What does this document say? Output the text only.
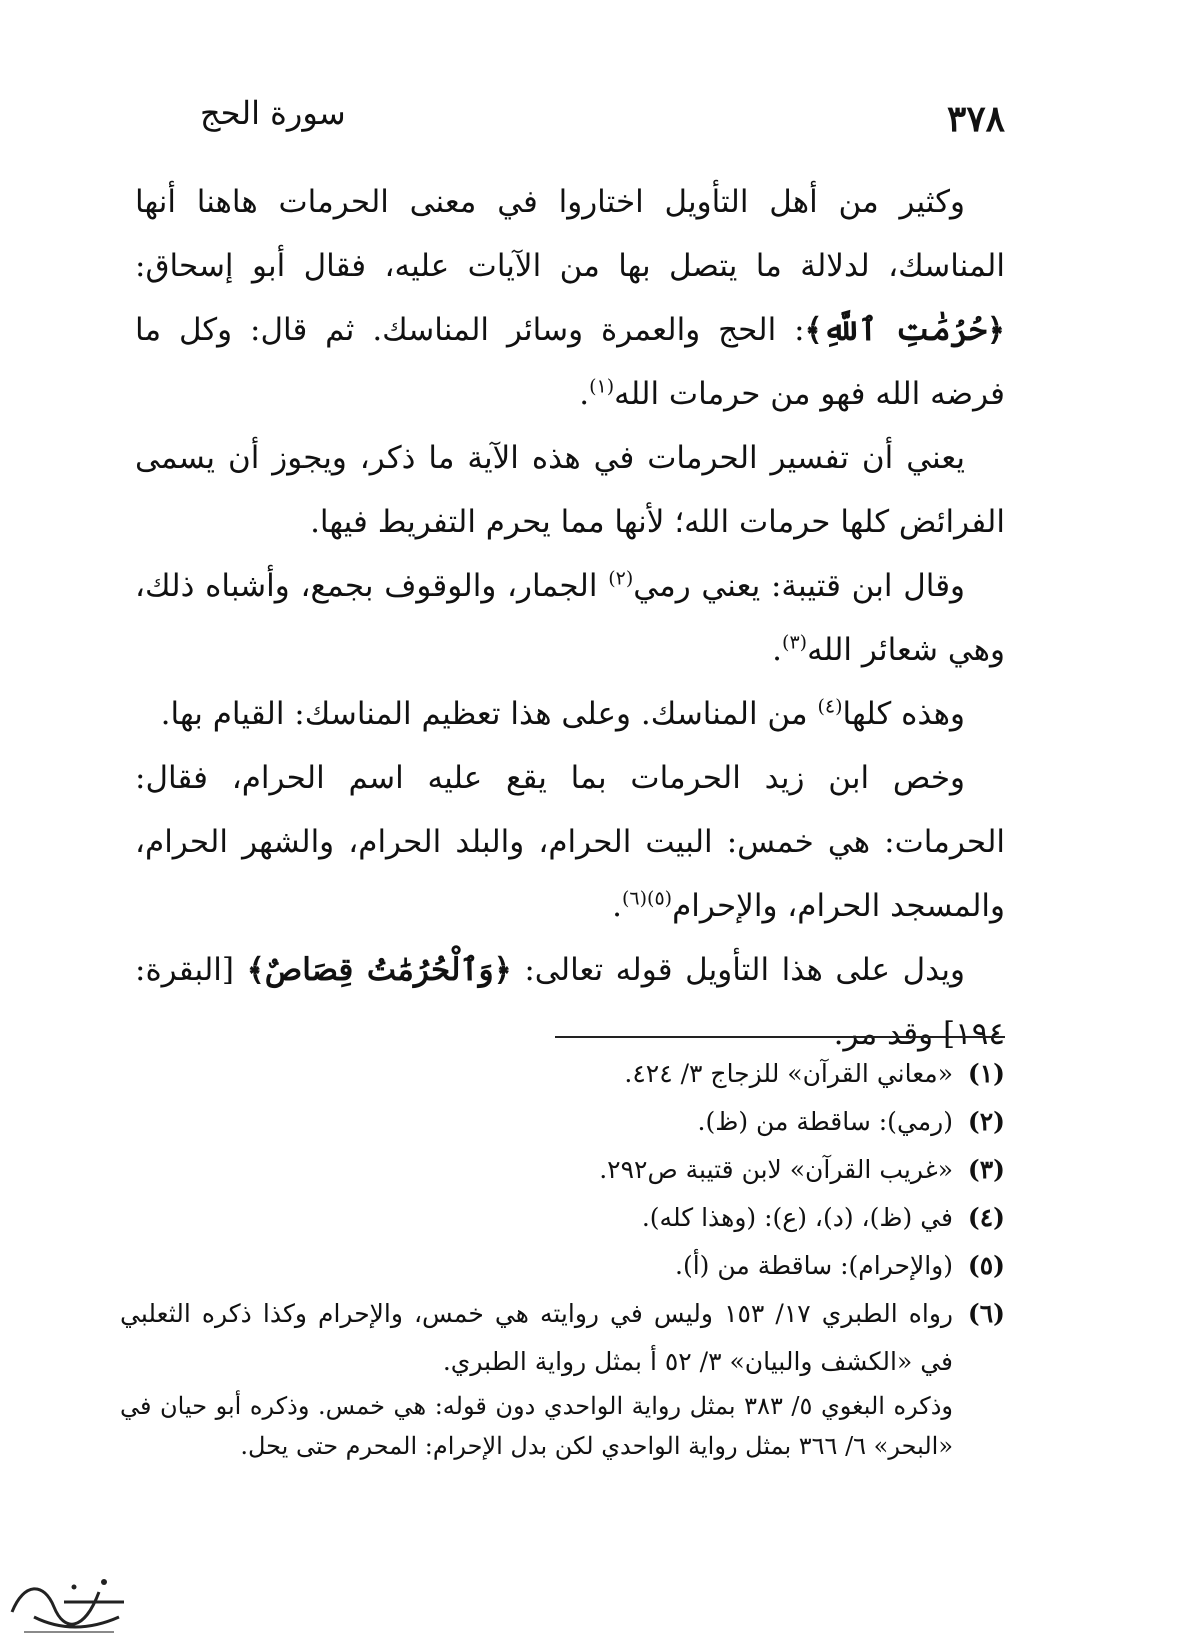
٣٧٨
سورة الحج

وكثير من أهل التأويل اختاروا في معنى الحرمات هاهنا أنها المناسك، لدلالة ما يتصل بها من الآيات عليه، فقال أبو إسحاق: ﴿حُرُمَٰتِ ٱللَّهِ﴾: الحج والعمرة وسائر المناسك. ثم قال: وكل ما فرضه الله فهو من حرمات الله$^{(١)}$.

يعني أن تفسير الحرمات في هذه الآية ما ذكر، ويجوز أن يسمى الفرائض كلها حرمات الله؛ لأنها مما يحرم التفريط فيها.

وقال ابن قتيبة: يعني رمي$^{(٢)}$ الجمار، والوقوف بجمع، وأشباه ذلك، وهي شعائر الله$^{(٣)}$.

وهذه كلها$^{(٤)}$ من المناسك. وعلى هذا تعظيم المناسك: القيام بها.

وخص ابن زيد الحرمات بما يقع عليه اسم الحرام، فقال: الحرمات: هي خمس: البيت الحرام، والبلد الحرام، والشهر الحرام، والمسجد الحرام، والإحرام$^{(٥)(٦)}$.

ويدل على هذا التأويل قوله تعالى: ﴿وَٱلْحُرُمَٰتُ قِصَاصٌ﴾ [البقرة: ١٩٤] وقد مر.

(١)
«معاني القرآن» للزجاج ٣/ ٤٢٤.
(٢)
(رمي): ساقطة من (ظ).
(٣)
«غريب القرآن» لابن قتيبة ص٢٩٢.
(٤)
في (ظ)، (د)، (ع): (وهذا كله).
(٥)
(والإحرام): ساقطة من (أ).
(٦)
رواه الطبري ١٧/ ١٥٣ وليس في روايته هي خمس، والإحرام وكذا ذكره الثعلبي في «الكشف والبيان» ٣/ ٥٢ أ بمثل رواية الطبري.
وذكره البغوي ٥/ ٣٨٣ بمثل رواية الواحدي دون قوله: هي خمس. وذكره أبو حيان في «البحر» ٦/ ٣٦٦ بمثل رواية الواحدي لكن بدل الإحرام: المحرم حتى يحل.
